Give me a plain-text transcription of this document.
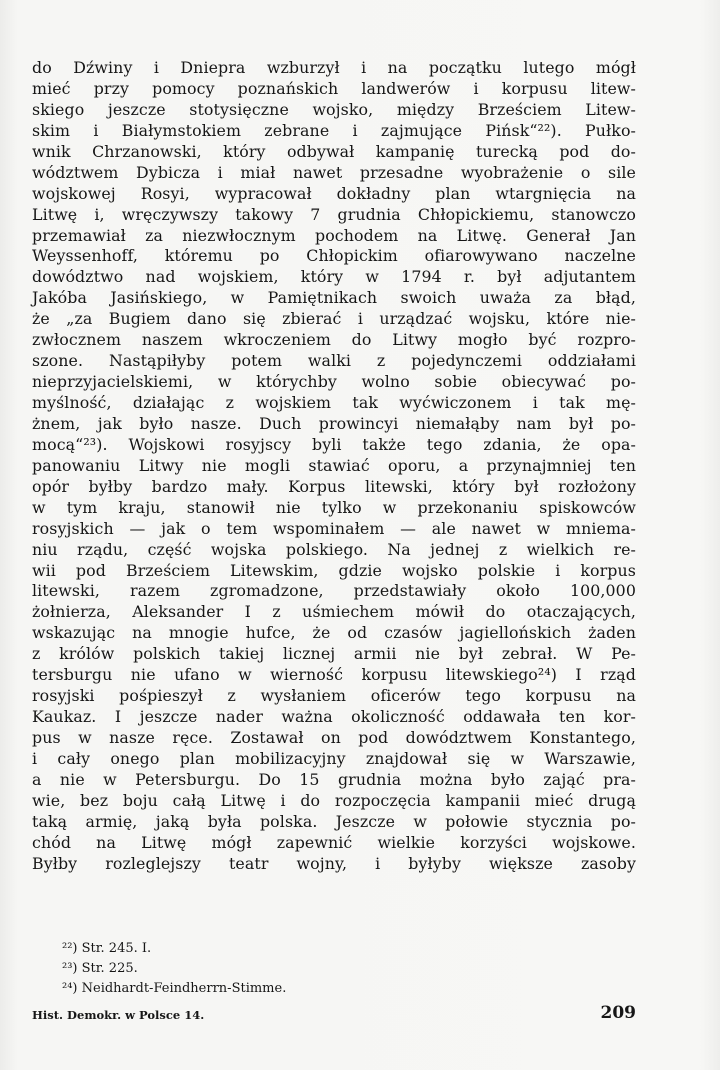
do Dźwiny i Dniepra wzburzył i na początku lutego mógł
mieć przy pomocy poznańskich landwerów i korpusu litew-
skiego jeszcze stotysięczne wojsko, między Brześciem Litew-
skim i Białymstokiem zebrane i zajmujące Pińsk“²²). Pułko-
wnik Chrzanowski, który odbywał kampanię turecką pod do-
wództwem Dybicza i miał nawet przesadne wyobrażenie o sile
wojskowej Rosyi, wypracował dokładny plan wtargnięcia na
Litwę i, wręczywszy takowy 7 grudnia Chłopickiemu, stanowczo
przemawiał za niezwłocznym pochodem na Litwę. Generał Jan
Weyssenhoff, któremu po Chłopickim ofiarowywano naczelne
dowództwo nad wojskiem, który w 1794 r. był adjutantem
Jakóba Jasińskiego, w Pamiętnikach swoich uważa za błąd,
że „za Bugiem dano się zbierać i urządzać wojsku, które nie-
zwłocznem naszem wkroczeniem do Litwy mogło być rozpro-
szone. Nastąpiłyby potem walki z pojedynczemi oddziałami
nieprzyjacielskiemi, w którychby wolno sobie obiecywać po-
myślność, działając z wojskiem tak wyćwiczonem i tak mę-
żnem, jak było nasze. Duch prowincyi niemałąby nam był po-
mocą“²³). Wojskowi rosyjscy byli także tego zdania, że opa-
panowaniu Litwy nie mogli stawiać oporu, a przynajmniej ten
opór byłby bardzo mały. Korpus litewski, który był rozłożony
w tym kraju, stanowił nie tylko w przekonaniu spiskowców
rosyjskich — jak o tem wspominałem — ale nawet w mniema-
niu rządu, część wojska polskiego. Na jednej z wielkich re-
wii pod Brześciem Litewskim, gdzie wojsko polskie i korpus
litewski, razem zgromadzone, przedstawiały około 100,000
żołnierza, Aleksander I z uśmiechem mówił do otaczających,
wskazując na mnogie hufce, że od czasów jagiellońskich żaden
z królów polskich takiej licznej armii nie był zebrał. W Pe-
tersburgu nie ufano w wierność korpusu litewskiego²⁴) I rząd
rosyjski pośpieszył z wysłaniem oficerów tego korpusu na
Kaukaz. I jeszcze nader ważna okoliczność oddawała ten kor-
pus w nasze ręce. Zostawał on pod dowództwem Konstantego,
i cały onego plan mobilizacyjny znajdował się w Warszawie,
a nie w Petersburgu. Do 15 grudnia można było zająć pra-
wie, bez boju całą Litwę i do rozpoczęcia kampanii mieć drugą
taką armię, jaką była polska. Jeszcze w połowie stycznia po-
chód na Litwę mógł zapewnić wielkie korzyści wojskowe.
Byłby rozleglejszy teatr wojny, i byłyby większe zasoby
²²) Str. 245. I.
²³) Str. 225.
²⁴) Neidhardt-Feindherrn-Stimme.
Hist. Demokr. w Polsce 14.	209
